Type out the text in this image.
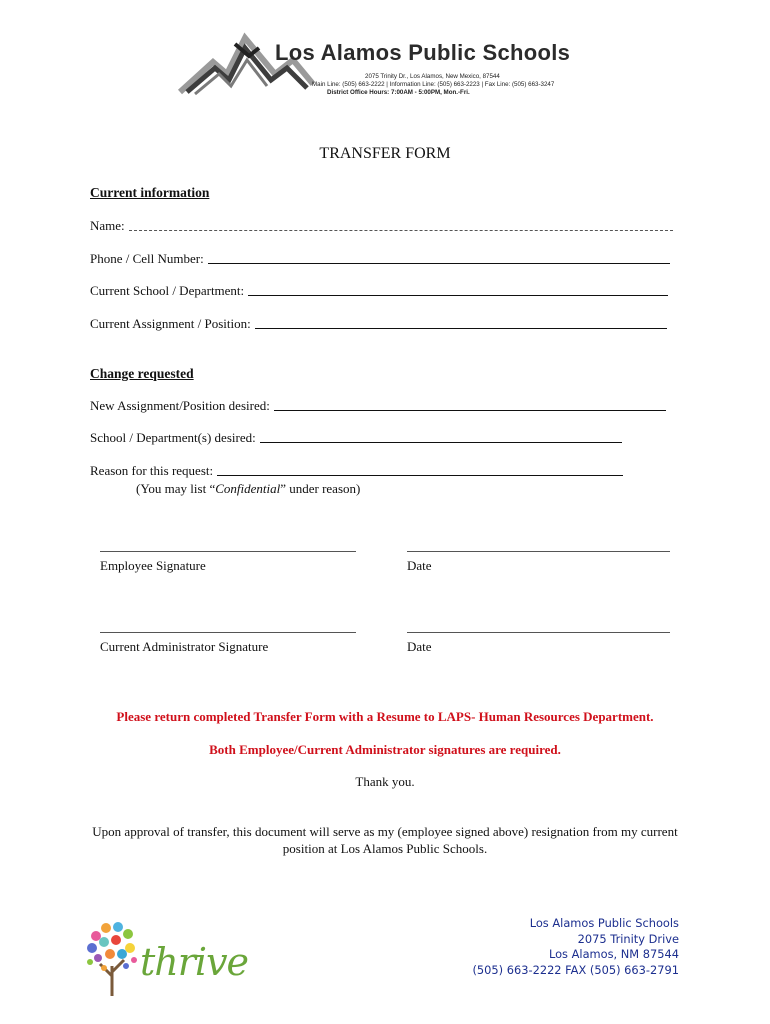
Los Alamos Public Schools
2075 Trinity Dr., Los Alamos, New Mexico, 87544
Main Line: (505) 663-2222 | Information Line: (505) 663-2223 | Fax Line: (505) 663-3247
District Office Hours: 7:00AM - 5:00PM, Mon.-Fri.
TRANSFER FORM
Current information
Name:
Phone / Cell Number:
Current School / Department:
Current Assignment / Position:
Change requested
New Assignment/Position desired:
School / Department(s) desired:
Reason for this request:
(You may list “Confidential” under reason)
Employee Signature	Date
Current Administrator Signature	Date
Please return completed Transfer Form with a Resume to LAPS- Human Resources Department.
Both Employee/Current Administrator signatures are required.
Thank you.
Upon approval of transfer, this document will serve as my (employee signed above) resignation from my current position at Los Alamos Public Schools.
thrive
Los Alamos Public Schools
2075 Trinity Drive
Los Alamos, NM 87544
(505) 663-2222 FAX (505) 663-2791
